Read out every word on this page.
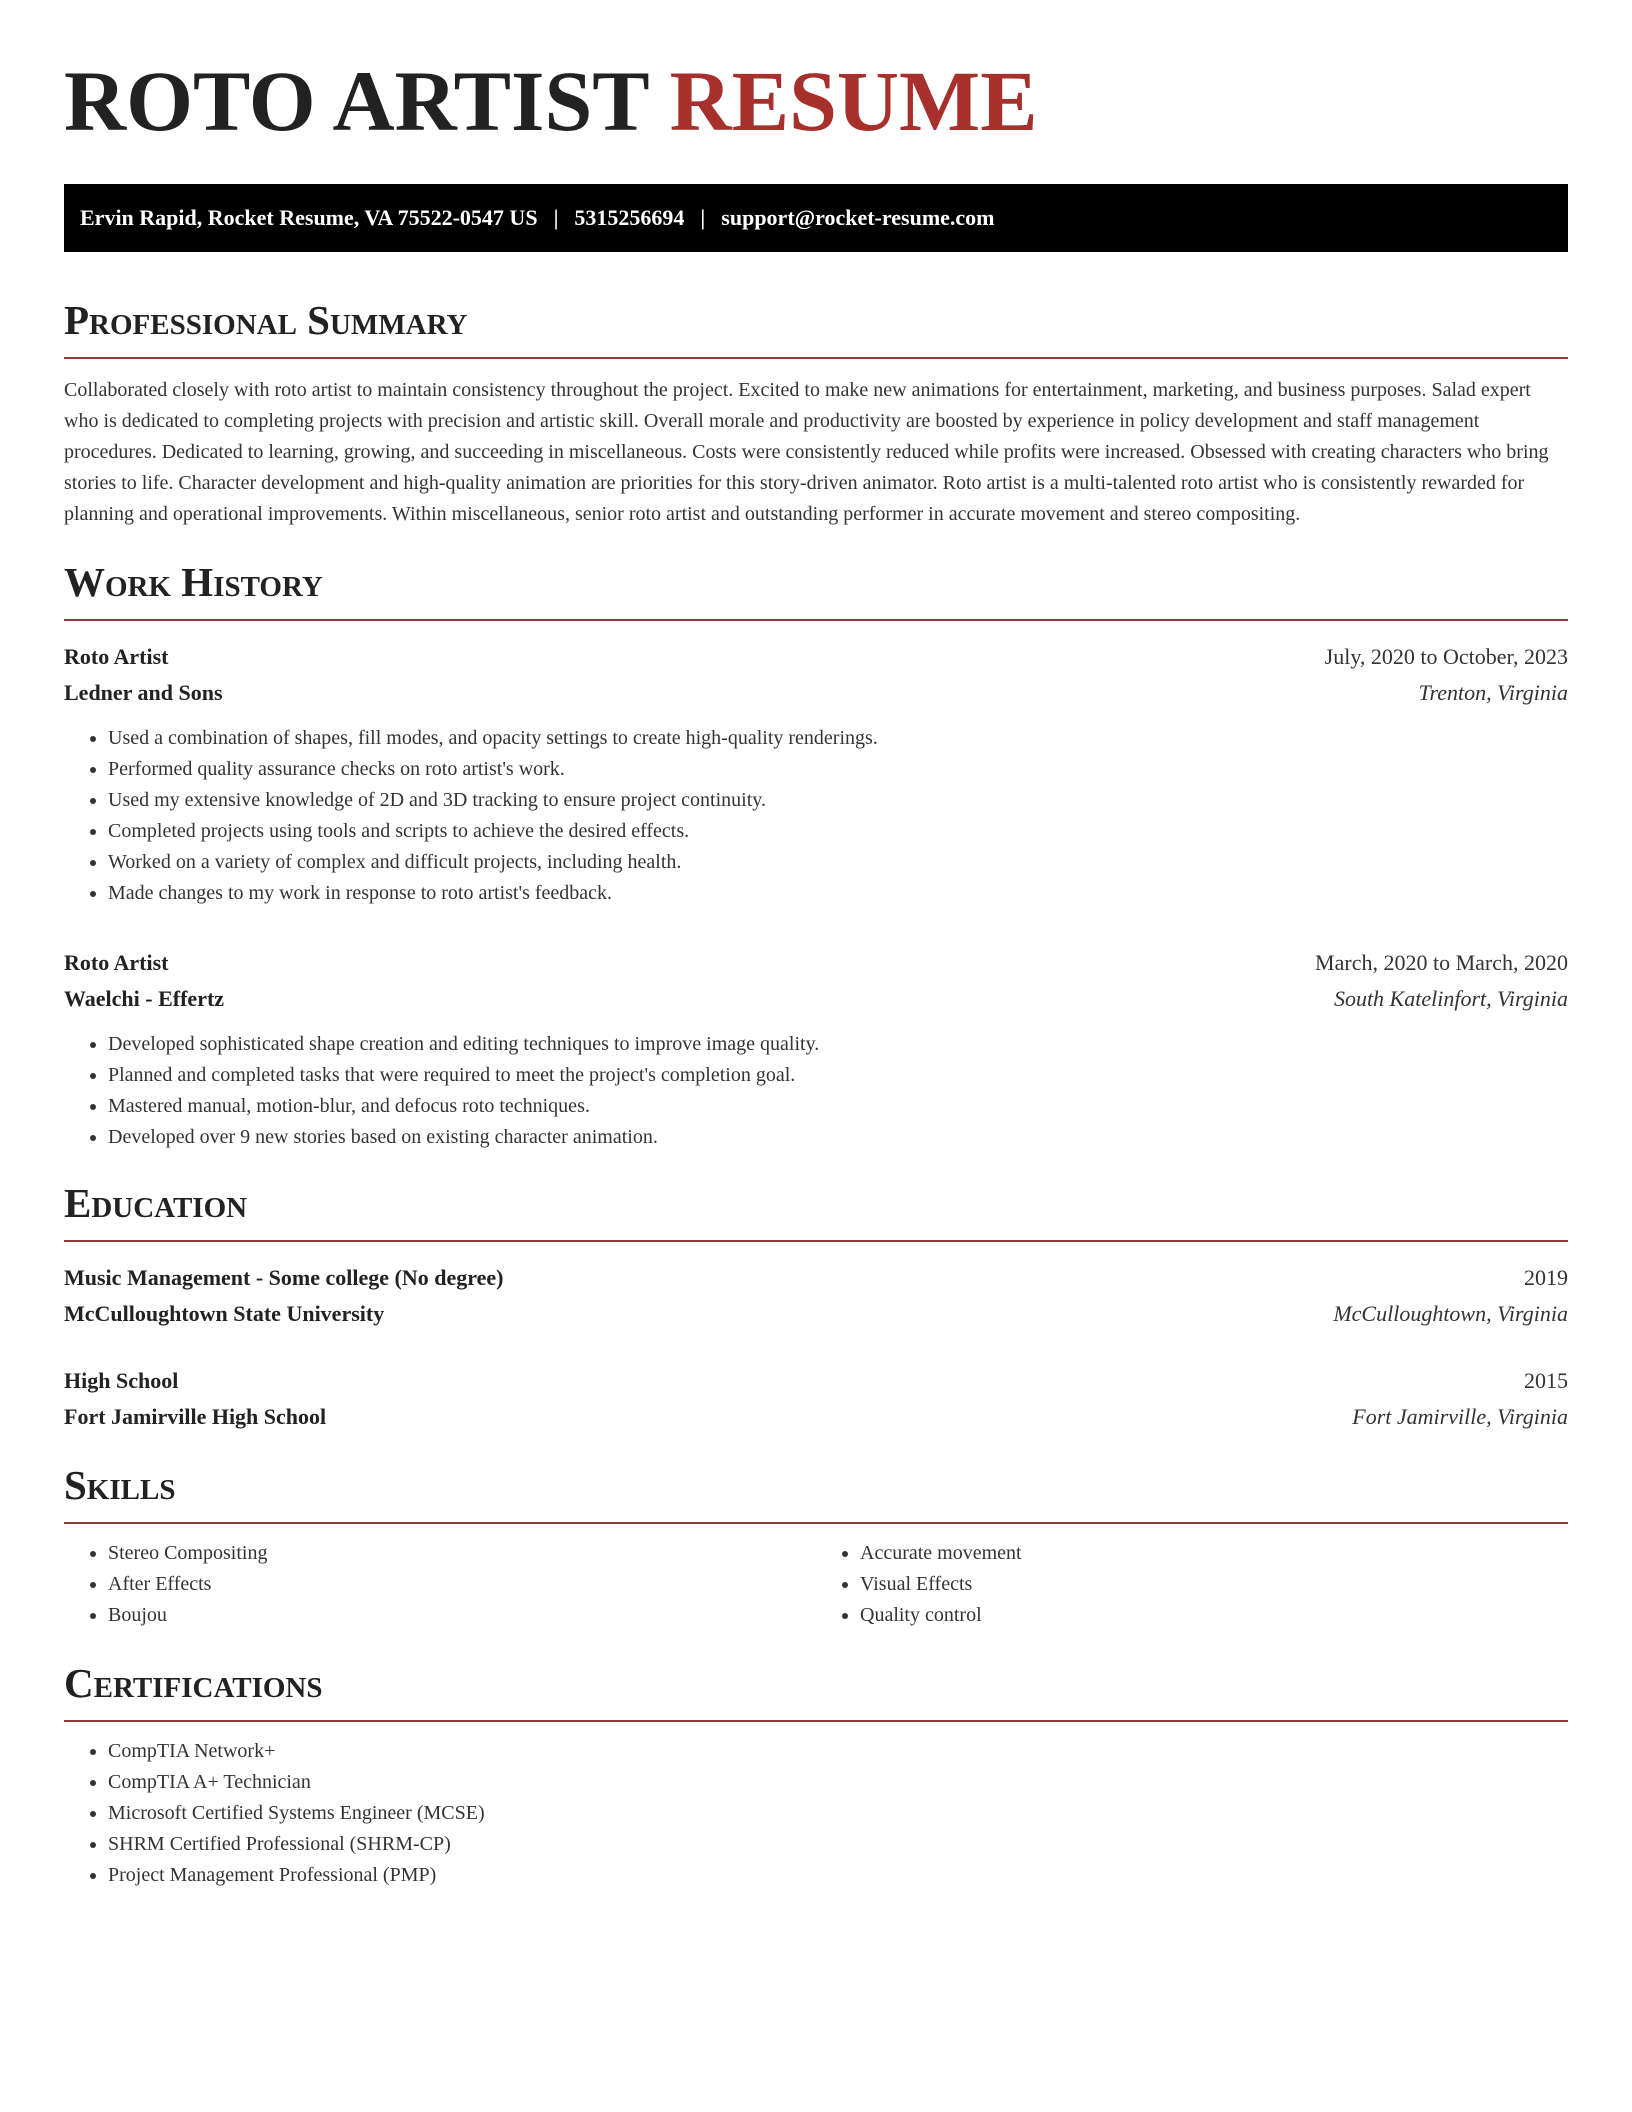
ROTO ARTIST RESUME
Ervin Rapid, Rocket Resume, VA 75522-0547 US | 5315256694 | support@rocket-resume.com
Professional Summary

Collaborated closely with roto artist to maintain consistency throughout the project. Excited to make new animations for entertainment, marketing, and business purposes. Salad expert who is dedicated to completing projects with precision and artistic skill. Overall morale and productivity are boosted by experience in policy development and staff management procedures. Dedicated to learning, growing, and succeeding in miscellaneous. Costs were consistently reduced while profits were increased. Obsessed with creating characters who bring stories to life. Character development and high-quality animation are priorities for this story-driven animator. Roto artist is a multi-talented roto artist who is consistently rewarded for planning and operational improvements. Within miscellaneous, senior roto artist and outstanding performer in accurate movement and stereo compositing.

Work History
Roto Artist	July, 2020 to October, 2023
Ledner and Sons	Trenton, Virginia
• Used a combination of shapes, fill modes, and opacity settings to create high-quality renderings.
• Performed quality assurance checks on roto artist's work.
• Used my extensive knowledge of 2D and 3D tracking to ensure project continuity.
• Completed projects using tools and scripts to achieve the desired effects.
• Worked on a variety of complex and difficult projects, including health.
• Made changes to my work in response to roto artist's feedback.
Roto Artist	March, 2020 to March, 2020
Waelchi - Effertz	South Katelinfort, Virginia
• Developed sophisticated shape creation and editing techniques to improve image quality.
• Planned and completed tasks that were required to meet the project's completion goal.
• Mastered manual, motion-blur, and defocus roto techniques.
• Developed over 9 new stories based on existing character animation.
Education
Music Management - Some college (No degree)	2019
McCulloughtown State University	McCulloughtown, Virginia
High School	2015
Fort Jamirville High School	Fort Jamirville, Virginia
Skills
• Stereo Compositing
• After Effects
• Boujou
• Accurate movement
• Visual Effects
• Quality control
Certifications
• CompTIA Network+
• CompTIA A+ Technician
• Microsoft Certified Systems Engineer (MCSE)
• SHRM Certified Professional (SHRM-CP)
• Project Management Professional (PMP)
